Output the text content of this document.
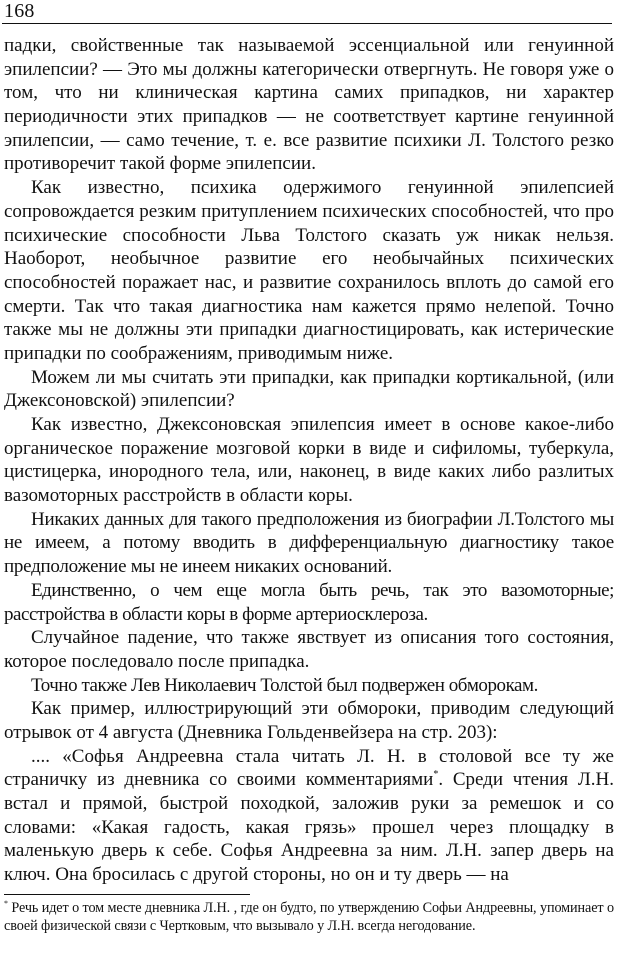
168

падки, свойственные так называемой эссенциальной или генуинной эпилепсии? — Это мы должны категорически отвергнуть. Не говоря уже о том, что ни клиническая картина самих припадков, ни характер периодичности этих припадков — не соответствует картине генуинной эпилепсии, — само течение, т. е. все развитие психики Л. Толстого резко противоречит такой форме эпилепсии.

Как известно, психика одержимого генуинной эпилепсией сопровождается резким притуплением психических способностей, что про психические способности Льва Толстого сказать уж никак нельзя. Наоборот, необычное развитие его необычайных психических способностей поражает нас, и развитие сохранилось вплоть до самой его смерти. Так что такая диагностика нам кажется прямо нелепой. Точно также мы не должны эти припадки диагностицировать, как истерические припадки по соображениям, приводимым ниже.

Можем ли мы считать эти припадки, как припадки кортикальной, (или Джексоновской) эпилепсии?

Как известно, Джексоновская эпилепсия имеет в основе какое-либо органическое поражение мозговой корки в виде и сифиломы, туберкула, цистицерка, инородного тела, или, наконец, в виде каких либо разлитых вазомоторных расстройств в области коры.

Никаких данных для такого предположения из биографии Л.Толстого мы не имеем, а потому вводить в дифференциальную диагностику такое предположение мы не инеем никаких оснований.

Единственно, о чем еще могла быть речь, так это вазомоторные; расстройства в области коры в форме артериосклероза.

Случайное падение, что также явствует из описания того состояния, которое последовало после припадка.

Точно также Лев Николаевич Толстой был подвержен обморокам.

Как пример, иллюстрирующий эти обмороки, приводим следующий отрывок от 4 августа (Дневника Гольденвейзера на стр. 203):

.... «Софья Андреевна стала читать Л. Н. в столовой все ту же страничку из дневника со своими комментариями*. Среди чтения Л.Н. встал и прямой, быстрой походкой, заложив руки за ремешок и со словами: «Какая гадость, какая грязь» прошел через площадку в маленькую дверь к себе. Софья Андреевна за ним. Л.Н. запер дверь на ключ. Она бросилась с другой стороны, но он и ту дверь — на

* Речь идет о том месте дневника Л.Н. , где он будто, по утверждению Софьи Андреевны, упоминает о своей физической связи с Чертковым, что вызывало у Л.Н. всегда негодование.
